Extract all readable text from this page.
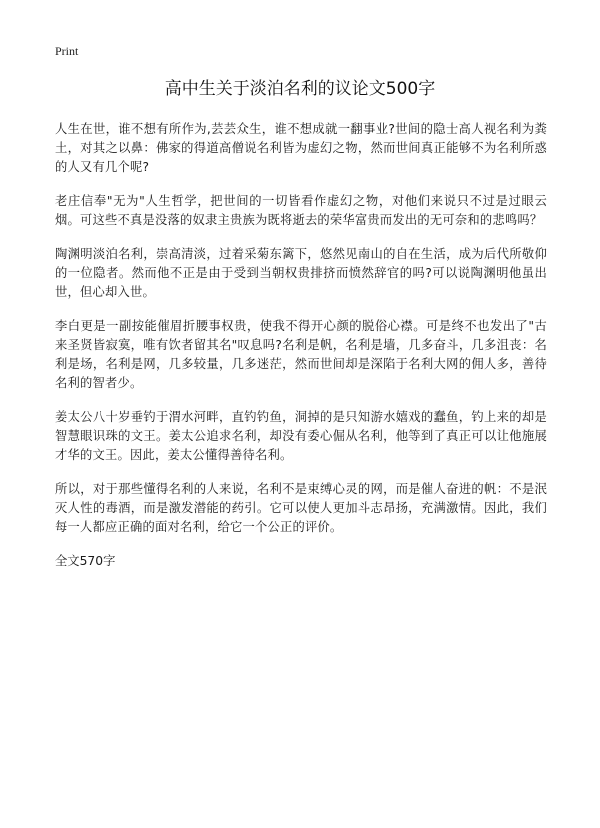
Print
高中生关于淡泊名利的议论文500字

人生在世，谁不想有所作为,芸芸众生，谁不想成就一翻事业?世间的隐士高人视名利为粪土，对其之以鼻：佛家的得道高僧说名利皆为虚幻之物，然而世间真正能够不为名利所惑的人又有几个呢?

老庄信奉"无为"人生哲学，把世间的一切皆看作虚幻之物，对他们来说只不过是过眼云烟。可这些不真是没落的奴隶主贵族为既将逝去的荣华富贵而发出的无可奈和的悲鸣吗？

陶渊明淡泊名利，崇高清淡，过着采菊东篱下，悠然见南山的自在生活，成为后代所敬仰的一位隐者。然而他不正是由于受到当朝权贵排挤而愤然辞官的吗?可以说陶渊明他虽出世，但心却入世。

李白更是一副按能催眉折腰事权贵，使我不得开心颜的脱俗心襟。可是终不也发出了"古来圣贤皆寂寞，唯有饮者留其名"叹息吗?名利是帆，名利是墙，几多奋斗，几多沮丧：名利是场，名利是网，几多较量，几多迷茫，然而世间却是深陷于名利大网的佣人多，善待名利的智者少。

姜太公八十岁垂钓于渭水河畔，直钓钓鱼，洞掉的是只知游水嬉戏的蠢鱼，钓上来的却是智慧眼识珠的文王。姜太公追求名利，却没有委心倔从名利，他等到了真正可以让他施展才华的文王。因此，姜太公懂得善待名利。

所以，对于那些懂得名利的人来说，名利不是束缚心灵的网，而是催人奋进的帆：不是泯灭人性的毒酒，而是激发潜能的药引。它可以使人更加斗志昂扬，充满激情。因此，我们每一人都应正确的面对名利，给它一个公正的评价。

全文570字
